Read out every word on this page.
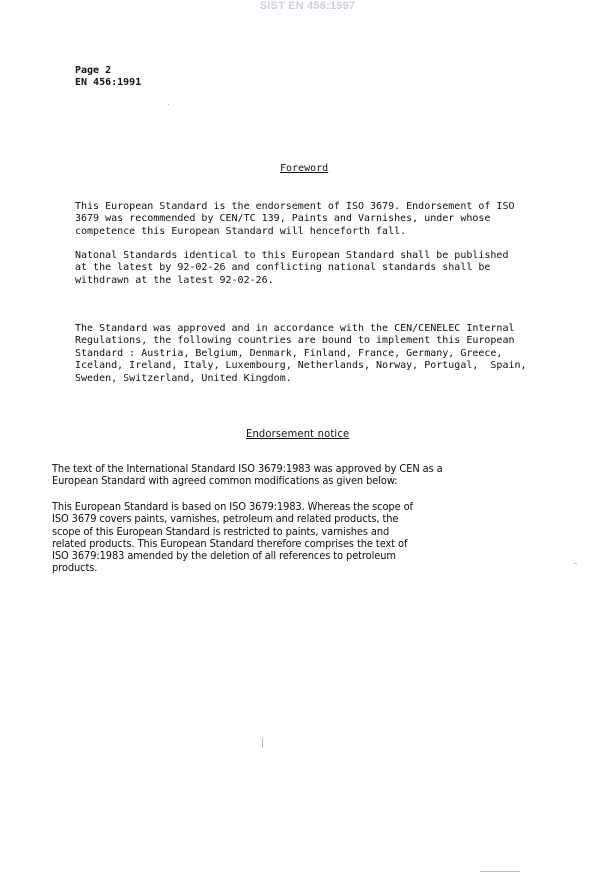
SIST EN 456:1997
Page 2
EN 456:1991
Foreword

This European Standard is the endorsement of ISO 3679. Endorsement of ISO
3679 was recommended by CEN/TC 139, Paints and Varnishes, under whose
competence this European Standard will henceforth fall.

Natonal Standards identical to this European Standard shall be published
at the latest by 92-02-26 and conflicting national standards shall be
withdrawn at the latest 92-02-26.

The Standard was approved and in accordance with the CEN/CENELEC Internal
Regulations, the following countries are bound to implement this European
Standard : Austria, Belgium, Denmark, Finland, France, Germany, Greece,
Iceland, Ireland, Italy, Luxembourg, Netherlands, Norway, Portugal,  Spain,
Sweden, Switzerland, United Kingdom.

Endorsement notice

The text of the International Standard ISO 3679:1983 was approved by CEN as a
European Standard with agreed common modifications as given below:

This European Standard is based on ISO 3679:1983. Whereas the scope of
ISO 3679 covers paints, varnishes, petroleum and related products, the
scope of this European Standard is restricted to paints, varnishes and
related products. This European Standard therefore comprises the text of
ISO 3679:1983 amended by the deletion of all references to petroleum
products.
